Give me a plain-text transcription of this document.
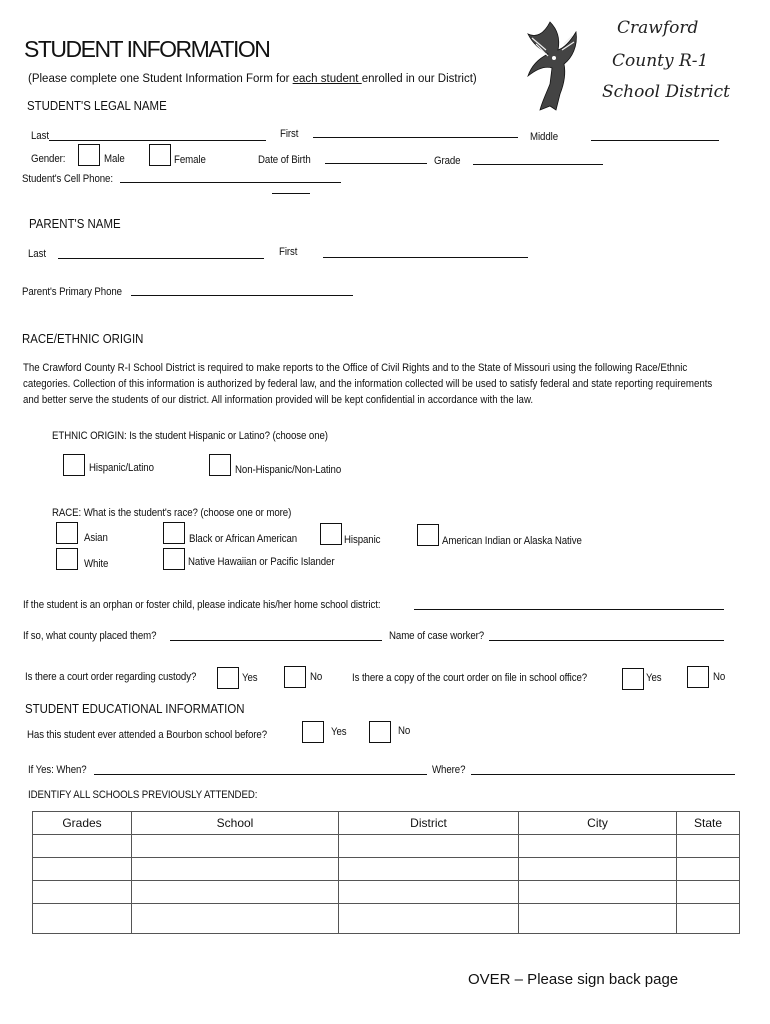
STUDENT INFORMATION
(Please complete one Student Information Form for each student enrolled in our District)
Crawford
County R-1
School District
STUDENT'S LEGAL NAME
Last	First	Middle
Gender:	Male	Female	Date of Birth	Grade
Student's Cell Phone:
PARENT'S NAME
Last	First
Parent's Primary Phone
RACE/ETHNIC ORIGIN
The Crawford County R-I School District is required to make reports to the Office of Civil Rights and to the State of Missouri using the following Race/Ethnic categories. Collection of this information is authorized by federal law, and the information collected will be used to satisfy federal and state reporting requirements and better serve the students of our district. All information provided will be kept confidential in accordance with the law.
ETHNIC ORIGIN: Is the student Hispanic or Latino? (choose one)
Hispanic/Latino	Non-Hispanic/Non-Latino
RACE: What is the student's race? (choose one or more)
Asian	Black or African American	Hispanic	American Indian or Alaska Native
White	Native Hawaiian or Pacific Islander
If the student is an orphan or foster child, please indicate his/her home school district:
If so, what county placed them?	Name of case worker?
Is there a court order regarding custody?	Yes	No	Is there a copy of the court order on file in school office?	Yes	No
STUDENT EDUCATIONAL INFORMATION
Has this student ever attended a Bourbon school before?	Yes	No
If Yes: When?	Where?
IDENTIFY ALL SCHOOLS PREVIOUSLY ATTENDED:
Grades	School	District	City	State

OVER – Please sign back page
